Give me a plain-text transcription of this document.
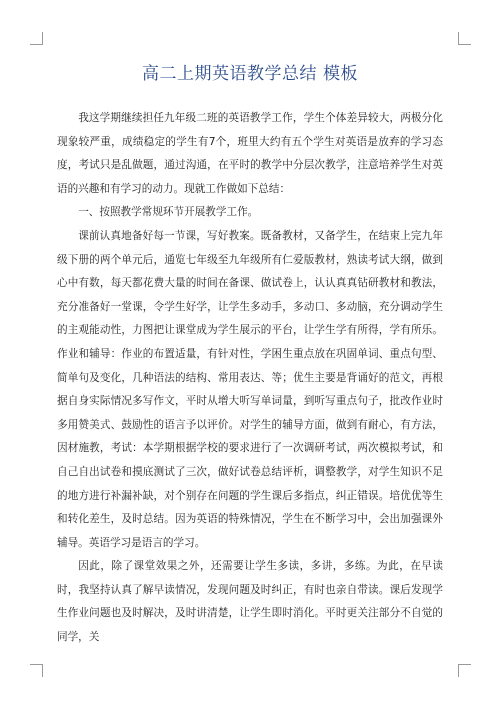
高二上期英语教学总结 模板

我这学期继续担任九年级二班的英语教学工作，学生个体差异较大，两极分化现象较严重，成绩稳定的学生有7个，班里大约有五个学生对英语是放弃的学习态度，考试只是乱做题，通过沟通，在平时的教学中分层次教学，注意培养学生对英语的兴趣和有学习的动力。现就工作做如下总结：

一、按照教学常规环节开展教学工作。

课前认真地备好每一节课，写好教案。既备教材，又备学生，在结束上完九年级下册的两个单元后，通览七年级至九年级所有仁爱版教材，熟读考试大纲，做到心中有数，每天都花费大量的时间在备课、做试卷上，认认真真钻研教材和教法，充分准备好一堂课，令学生好学，让学生多动手，多动口、多动脑，充分调动学生的主观能动性，力图把让课堂成为学生展示的平台，让学生学有所得，学有所乐。作业和辅导：作业的布置适量，有针对性，学困生重点放在巩固单词、重点句型、简单句及变化，几种语法的结构、常用表达、等；优生主要是背诵好的范文，再根据自身实际情况多写作文，平时从增大听写单词量，到听写重点句子，批改作业时多用赞美式、鼓励性的语言予以评价。对学生的辅导方面，做到有耐心，有方法，因材施教，考试：本学期根据学校的要求进行了一次调研考试，两次模拟考试，和自己自出试卷和摸底测试了三次，做好试卷总结评析，调整教学，对学生知识不足的地方进行补漏补缺，对个别存在问题的学生课后多指点，纠正错误。培优优等生和转化差生，及时总结。因为英语的特殊情况，学生在不断学习中，会出加强课外辅导。英语学习是语言的学习。

因此，除了课堂效果之外，还需要让学生多读，多讲，多练。为此，在早读时，我坚持认真了解早读情况，发现问题及时纠正，有时也亲自带读。课后发现学生作业问题也及时解决，及时讲清楚，让学生即时消化。平时更关注部分不自觉的同学，关
